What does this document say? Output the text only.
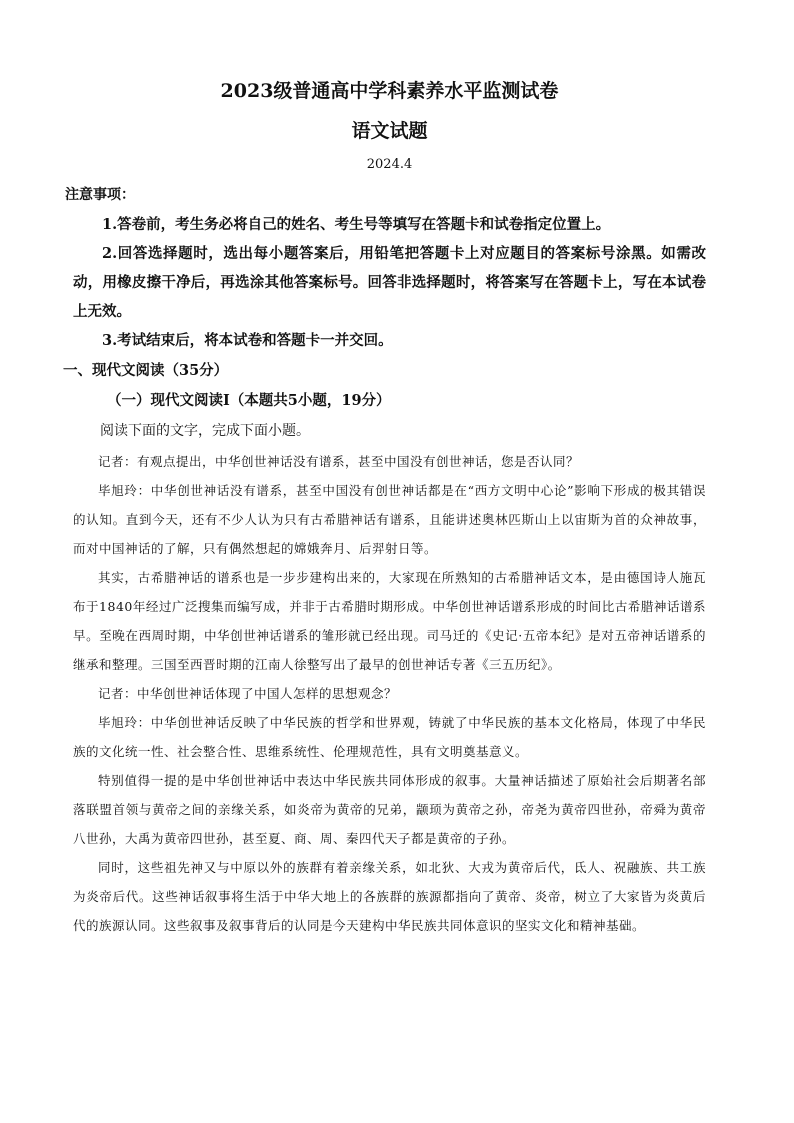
2023级普通高中学科素养水平监测试卷
语文试题
2024.4
注意事项：

1.答卷前，考生务必将自己的姓名、考生号等填写在答题卡和试卷指定位置上。

2.回答选择题时，选出每小题答案后，用铅笔把答题卡上对应题目的答案标号涂黑。如需改动，用橡皮擦干净后，再选涂其他答案标号。回答非选择题时，将答案写在答题卡上，写在本试卷上无效。

3.考试结束后，将本试卷和答题卡一并交回。

一、现代文阅读（35分）
（一）现代文阅读Ⅰ（本题共5小题，19分）
阅读下面的文字，完成下面小题。

记者：有观点提出，中华创世神话没有谱系，甚至中国没有创世神话，您是否认同？

毕旭玲：中华创世神话没有谱系，甚至中国没有创世神话都是在“西方文明中心论”影响下形成的极其错误的认知。直到今天，还有不少人认为只有古希腊神话有谱系，且能讲述奥林匹斯山上以宙斯为首的众神故事，而对中国神话的了解，只有偶然想起的嫦娥奔月、后羿射日等。

其实，古希腊神话的谱系也是一步步建构出来的，大家现在所熟知的古希腊神话文本，是由德国诗人施瓦布于1840年经过广泛搜集而编写成，并非于古希腊时期形成。中华创世神话谱系形成的时间比古希腊神话谱系早。至晚在西周时期，中华创世神话谱系的雏形就已经出现。司马迁的《史记·五帝本纪》是对五帝神话谱系的继承和整理。三国至西晋时期的江南人徐整写出了最早的创世神话专著《三五历纪》。

记者：中华创世神话体现了中国人怎样的思想观念？

毕旭玲：中华创世神话反映了中华民族的哲学和世界观，铸就了中华民族的基本文化格局，体现了中华民族的文化统一性、社会整合性、思维系统性、伦理规范性，具有文明奠基意义。

特别值得一提的是中华创世神话中表达中华民族共同体形成的叙事。大量神话描述了原始社会后期著名部落联盟首领与黄帝之间的亲缘关系，如炎帝为黄帝的兄弟，颛顼为黄帝之孙，帝尧为黄帝四世孙，帝舜为黄帝八世孙，大禹为黄帝四世孙，甚至夏、商、周、秦四代天子都是黄帝的子孙。

同时，这些祖先神又与中原以外的族群有着亲缘关系，如北狄、大戎为黄帝后代，氐人、祝融族、共工族为炎帝后代。这些神话叙事将生活于中华大地上的各族群的族源都指向了黄帝、炎帝，树立了大家皆为炎黄后代的族源认同。这些叙事及叙事背后的认同是今天建构中华民族共同体意识的坚实文化和精神基础。
